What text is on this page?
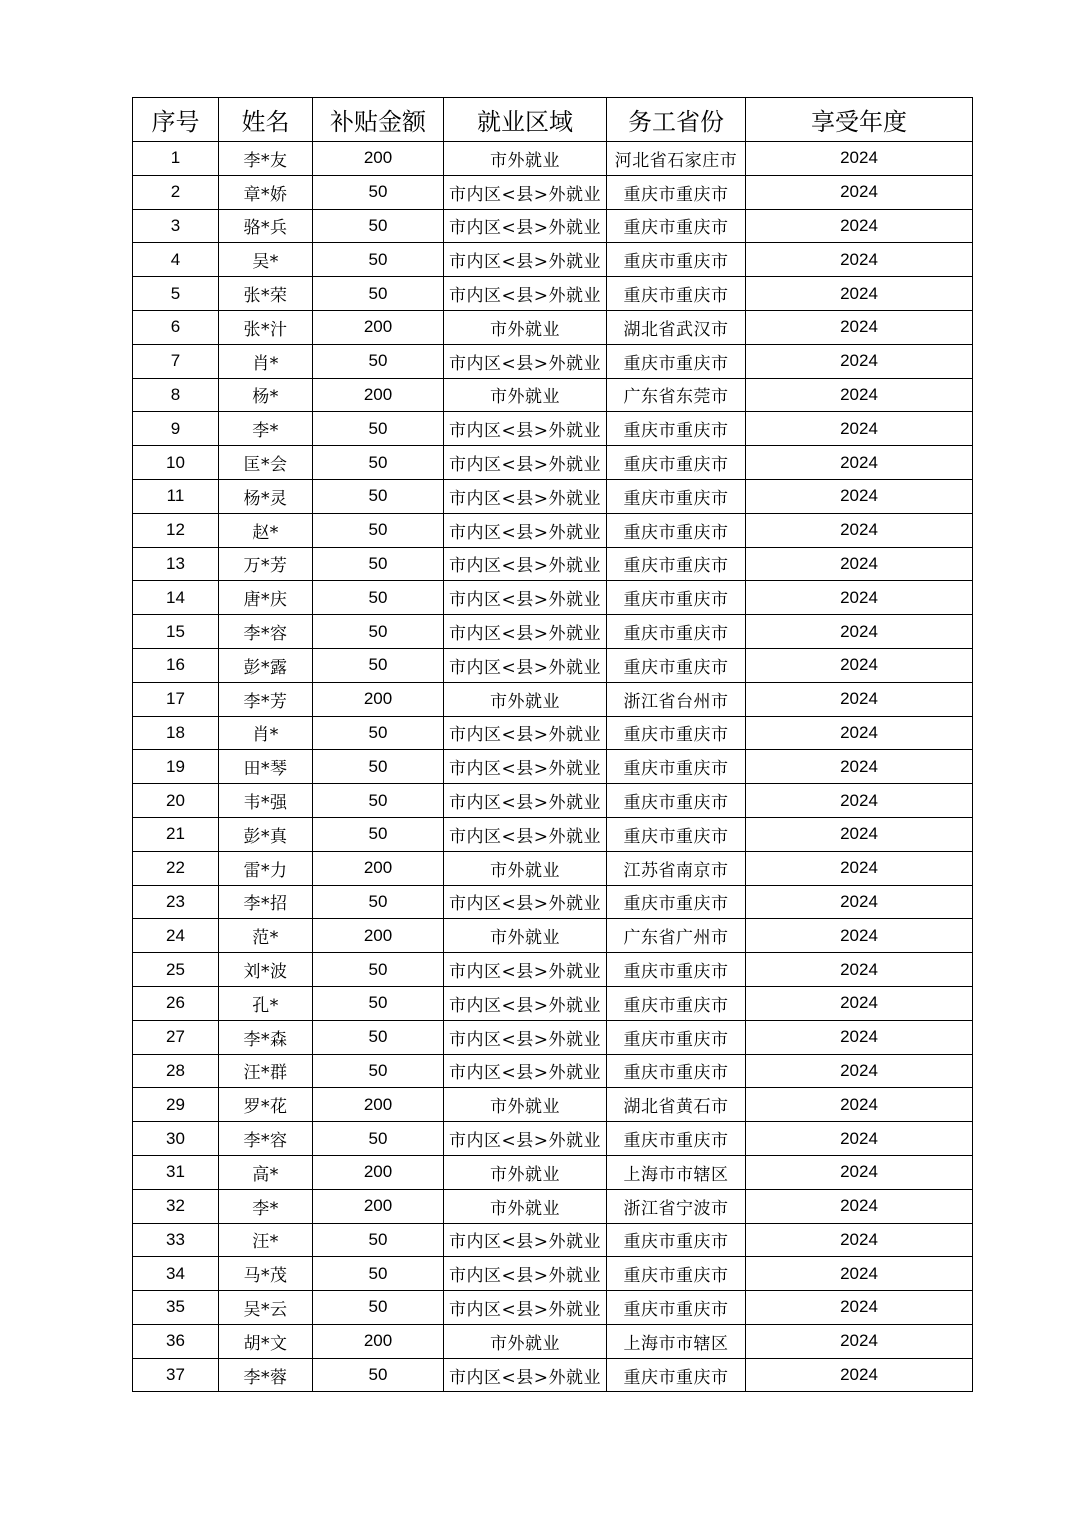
序号	姓名	补贴金额	就业区域	务工省份	享受年度
1	李*友	200	市外就业	河北省石家庄市	2024
2	章*娇	50	市内区<县>外就业	重庆市重庆市	2024
3	骆*兵	50	市内区<县>外就业	重庆市重庆市	2024
4	吴*	50	市内区<县>外就业	重庆市重庆市	2024
5	张*荣	50	市内区<县>外就业	重庆市重庆市	2024
6	张*汁	200	市外就业	湖北省武汉市	2024
7	肖*	50	市内区<县>外就业	重庆市重庆市	2024
8	杨*	200	市外就业	广东省东莞市	2024
9	李*	50	市内区<县>外就业	重庆市重庆市	2024
10	匡*会	50	市内区<县>外就业	重庆市重庆市	2024
11	杨*灵	50	市内区<县>外就业	重庆市重庆市	2024
12	赵*	50	市内区<县>外就业	重庆市重庆市	2024
13	万*芳	50	市内区<县>外就业	重庆市重庆市	2024
14	唐*庆	50	市内区<县>外就业	重庆市重庆市	2024
15	李*容	50	市内区<县>外就业	重庆市重庆市	2024
16	彭*露	50	市内区<县>外就业	重庆市重庆市	2024
17	李*芳	200	市外就业	浙江省台州市	2024
18	肖*	50	市内区<县>外就业	重庆市重庆市	2024
19	田*琴	50	市内区<县>外就业	重庆市重庆市	2024
20	韦*强	50	市内区<县>外就业	重庆市重庆市	2024
21	彭*真	50	市内区<县>外就业	重庆市重庆市	2024
22	雷*力	200	市外就业	江苏省南京市	2024
23	李*招	50	市内区<县>外就业	重庆市重庆市	2024
24	范*	200	市外就业	广东省广州市	2024
25	刘*波	50	市内区<县>外就业	重庆市重庆市	2024
26	孔*	50	市内区<县>外就业	重庆市重庆市	2024
27	李*森	50	市内区<县>外就业	重庆市重庆市	2024
28	汪*群	50	市内区<县>外就业	重庆市重庆市	2024
29	罗*花	200	市外就业	湖北省黄石市	2024
30	李*容	50	市内区<县>外就业	重庆市重庆市	2024
31	高*	200	市外就业	上海市市辖区	2024
32	李*	200	市外就业	浙江省宁波市	2024
33	汪*	50	市内区<县>外就业	重庆市重庆市	2024
34	马*茂	50	市内区<县>外就业	重庆市重庆市	2024
35	吴*云	50	市内区<县>外就业	重庆市重庆市	2024
36	胡*文	200	市外就业	上海市市辖区	2024
37	李*蓉	50	市内区<县>外就业	重庆市重庆市	2024
